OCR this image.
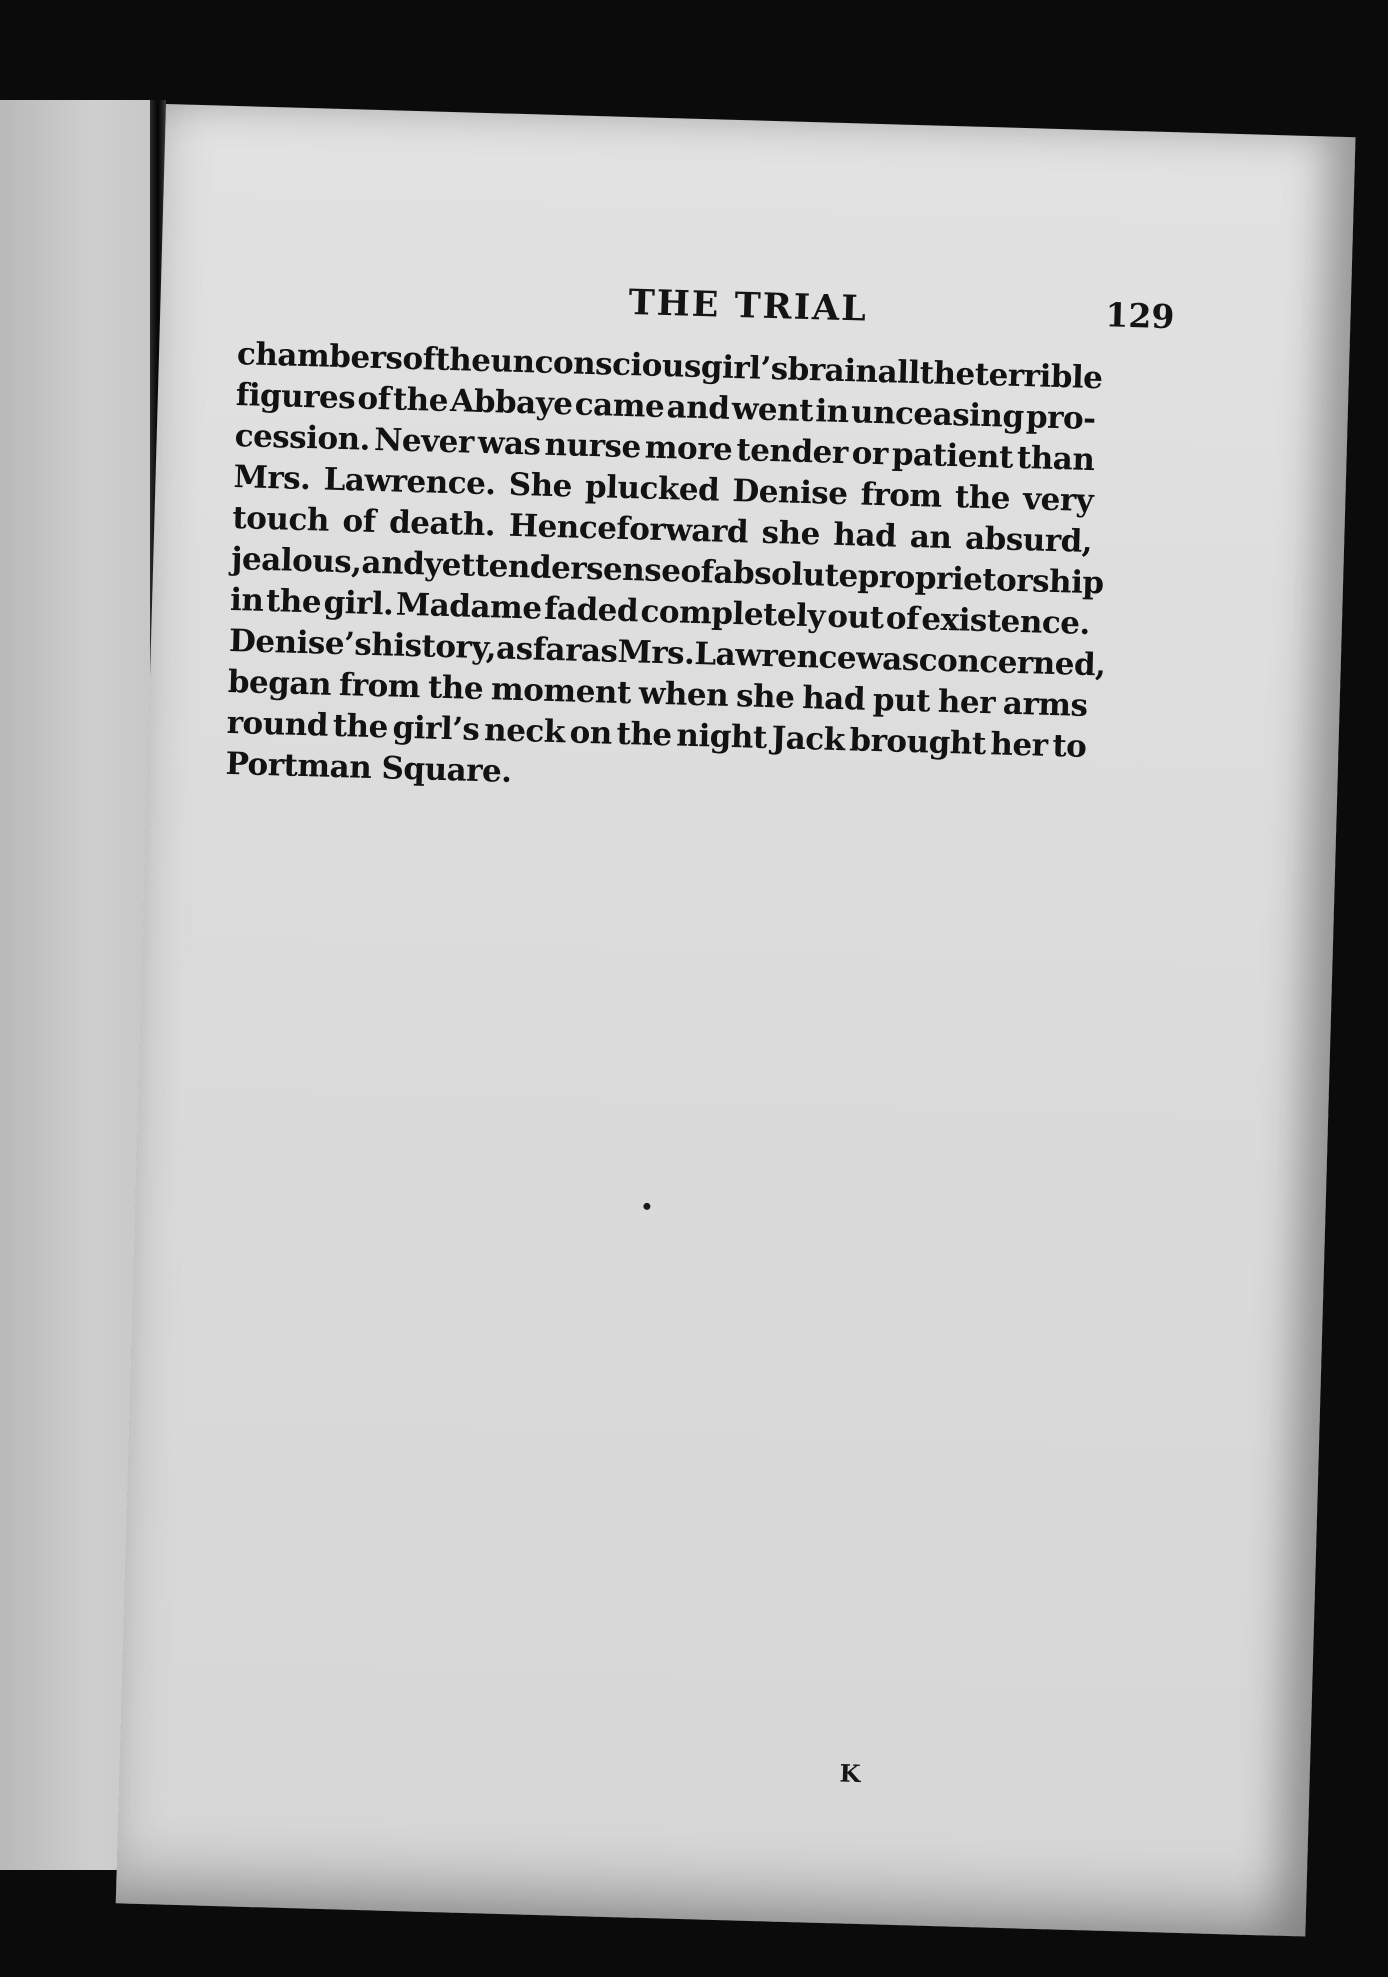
THE TRIAL	129
chambers
of
the
unconscious
girl’s
brain
all
the
terrible
figures of the Abbaye came and went in unceasing pro-
cession. Never was nurse more tender or patient than
Mrs. Lawrence. She plucked Denise from the very
touch of death. Henceforward she had an absurd,
jealous,
and
yet
tender
sense
of
absolute
proprietorship
in the girl. Madame faded completely out of existence.
Denise’s
history,
as
far
as
Mrs.
Lawrence
was
concerned,
began from the moment when she had put her arms
round the girl’s neck on the night Jack brought her to
Portman Square.
K
